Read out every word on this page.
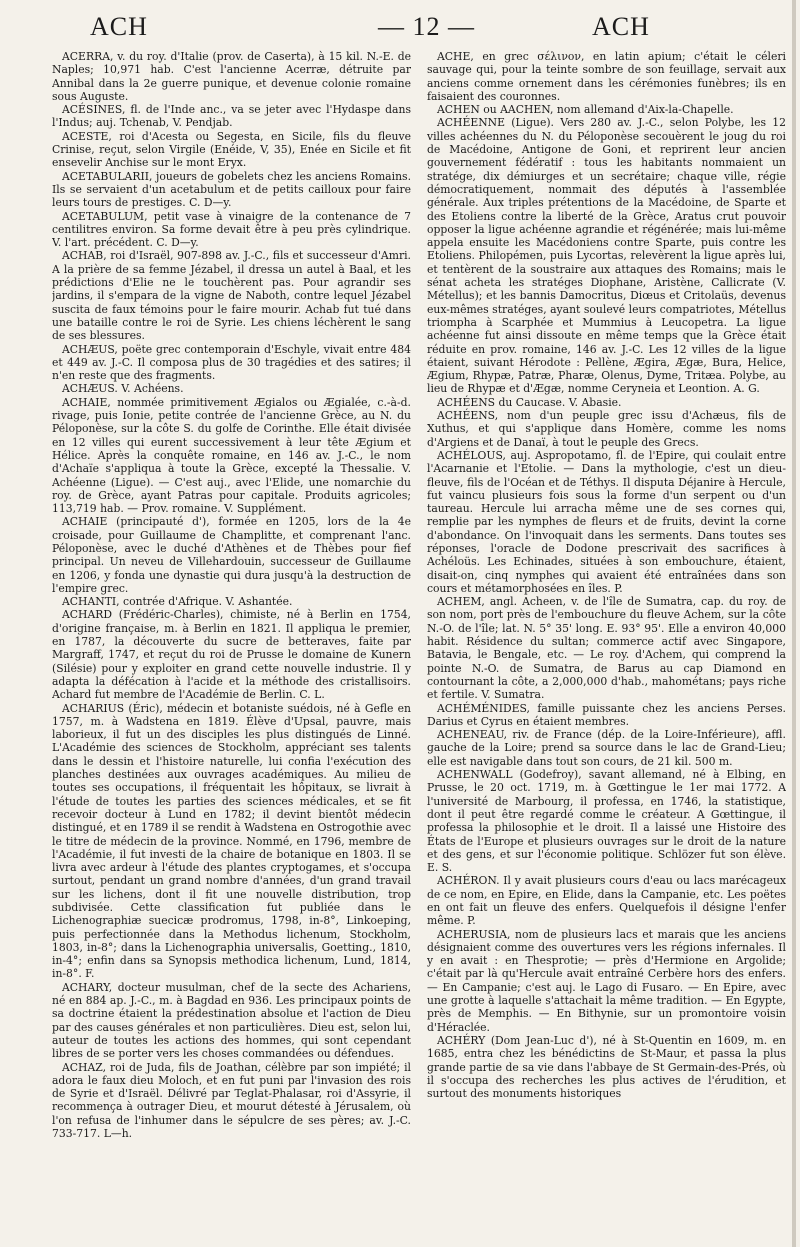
ACH	— 12 —	ACH

ACERRA, v. du roy. d'Italie (prov. de Caserta), à 15 kil. N.-E. de Naples; 10,971 hab. C'est l'ancienne Acerræ, détruite par Annibal dans la 2e guerre punique, et devenue colonie romaine sous Auguste.

ACÉSINES, fl. de l'Inde anc., va se jeter avec l'Hydaspe dans l'Indus; auj. Tchenab, V. Pendjab.

ACESTE, roi d'Acesta ou Segesta, en Sicile, fils du fleuve Crinise, reçut, selon Virgile (Enéide, V, 35), Enée en Sicile et fit ensevelir Anchise sur le mont Eryx.

ACETABULARII, joueurs de gobelets chez les anciens Romains. Ils se servaient d'un acetabulum et de petits cailloux pour faire leurs tours de prestiges. C. D—y.

ACETABULUM, petit vase à vinaigre de la contenance de 7 centilitres environ. Sa forme devait être à peu près cylindrique. V. l'art. précédent. C. D—y.

ACHAB, roi d'Israël, 907-898 av. J.-C., fils et successeur d'Amri. A la prière de sa femme Jézabel, il dressa un autel à Baal, et les prédictions d'Elie ne le touchèrent pas. Pour agrandir ses jardins, il s'empara de la vigne de Naboth, contre lequel Jézabel suscita de faux témoins pour le faire mourir. Achab fut tué dans une bataille contre le roi de Syrie. Les chiens léchèrent le sang de ses blessures.

ACHÆUS, poëte grec contemporain d'Eschyle, vivait entre 484 et 449 av. J.-C. Il composa plus de 30 tragédies et des satires; il n'en reste que des fragments.

ACHÆUS. V. Achéens.

ACHAIE, nommée primitivement Ægialos ou Ægialée, c.-à-d. rivage, puis Ionie, petite contrée de l'ancienne Grèce, au N. du Péloponèse, sur la côte S. du golfe de Corinthe. Elle était divisée en 12 villes qui eurent successivement à leur tête Ægium et Hélice. Après la conquête romaine, en 146 av. J.-C., le nom d'Achaïe s'appliqua à toute la Grèce, excepté la Thessalie. V. Achéenne (Ligue). — C'est auj., avec l'Elide, une nomarchie du roy. de Grèce, ayant Patras pour capitale. Produits agricoles; 113,719 hab. — Prov. romaine. V. Supplément.

ACHAIE (principauté d'), formée en 1205, lors de la 4e croisade, pour Guillaume de Champlitte, et comprenant l'anc. Péloponèse, avec le duché d'Athènes et de Thèbes pour fief principal. Un neveu de Villehardouin, successeur de Guillaume en 1206, y fonda une dynastie qui dura jusqu'à la destruction de l'empire grec.

ACHANTI, contrée d'Afrique. V. Ashantée.

ACHARD (Frédéric-Charles), chimiste, né à Berlin en 1754, d'origine française, m. à Berlin en 1821. Il appliqua le premier, en 1787, la découverte du sucre de betteraves, faite par Margraff, 1747, et reçut du roi de Prusse le domaine de Kunern (Silésie) pour y exploiter en grand cette nouvelle industrie. Il y adapta la défécation à l'acide et la méthode des cristallisoirs. Achard fut membre de l'Académie de Berlin. C. L.

ACHARIUS (Éric), médecin et botaniste suédois, né à Gefle en 1757, m. à Wadstena en 1819. Élève d'Upsal, pauvre, mais laborieux, il fut un des disciples les plus distingués de Linné. L'Académie des sciences de Stockholm, appréciant ses talents dans le dessin et l'histoire naturelle, lui confia l'exécution des planches destinées aux ouvrages académiques. Au milieu de toutes ses occupations, il fréquentait les hôpitaux, se livrait à l'étude de toutes les parties des sciences médicales, et se fit recevoir docteur à Lund en 1782; il devint bientôt médecin distingué, et en 1789 il se rendit à Wadstena en Ostrogothie avec le titre de médecin de la province. Nommé, en 1796, membre de l'Académie, il fut investi de la chaire de botanique en 1803. Il se livra avec ardeur à l'étude des plantes cryptogames, et s'occupa surtout, pendant un grand nombre d'années, d'un grand travail sur les lichens, dont il fit une nouvelle distribution, trop subdivisée. Cette classification fut publiée dans le Lichenographiæ suecicæ prodromus, 1798, in-8°, Linkoeping, puis perfectionnée dans la Methodus lichenum, Stockholm, 1803, in-8°; dans la Lichenographia universalis, Goetting., 1810, in-4°; enfin dans sa Synopsis methodica lichenum, Lund, 1814, in-8°. F.

ACHARY, docteur musulman, chef de la secte des Achariens, né en 884 ap. J.-C., m. à Bagdad en 936. Les principaux points de sa doctrine étaient la prédestination absolue et l'action de Dieu par des causes générales et non particulières. Dieu est, selon lui, auteur de toutes les actions des hommes, qui sont cependant libres de se porter vers les choses commandées ou défendues.

ACHAZ, roi de Juda, fils de Joathan, célèbre par son impiété; il adora le faux dieu Moloch, et en fut puni par l'invasion des rois de Syrie et d'Israël. Délivré par Teglat-Phalasar, roi d'Assyrie, il recommença à outrager Dieu, et mourut détesté à Jérusalem, où l'on refusa de l'inhumer dans le sépulcre de ses pères; av. J.-C. 733-717. L—h.

ACHE, en grec σέλινον, en latin apium; c'était le céleri sauvage qui, pour la teinte sombre de son feuillage, servait aux anciens comme ornement dans les cérémonies funèbres; ils en faisaient des couronnes.

ACHEN ou AACHEN, nom allemand d'Aix-la-Chapelle.

ACHÉENNE (Ligue). Vers 280 av. J.-C., selon Polybe, les 12 villes achéennes du N. du Péloponèse secouèrent le joug du roi de Macédoine, Antigone de Goni, et reprirent leur ancien gouvernement fédératif : tous les habitants nommaient un stratége, dix démiurges et un secrétaire; chaque ville, régie démocratiquement, nommait des députés à l'assemblée générale. Aux triples prétentions de la Macédoine, de Sparte et des Etoliens contre la liberté de la Grèce, Aratus crut pouvoir opposer la ligue achéenne agrandie et régénérée; mais lui-même appela ensuite les Macédoniens contre Sparte, puis contre les Etoliens. Philopémen, puis Lycortas, relevèrent la ligue après lui, et tentèrent de la soustraire aux attaques des Romains; mais le sénat acheta les stratéges Diophane, Aristène, Callicrate (V. Métellus); et les bannis Damocritus, Diœus et Critolaüs, devenus eux-mêmes stratéges, ayant soulevé leurs compatriotes, Métellus triompha à Scarphée et Mummius à Leucopetra. La ligue achéenne fut ainsi dissoute en même temps que la Grèce était réduite en prov. romaine, 146 av. J.-C. Les 12 villes de la ligue étaient, suivant Hérodote : Pellène, Ægira, Ægæ, Bura, Helice, Ægium, Rhypæ, Patræ, Pharæ, Olenus, Dyme, Tritæa. Polybe, au lieu de Rhypæ et d'Ægæ, nomme Ceryneia et Leontion. A. G.

ACHÉENS du Caucase. V. Abasie.

ACHÉENS, nom d'un peuple grec issu d'Achæus, fils de Xuthus, et qui s'applique dans Homère, comme les noms d'Argiens et de Danaï, à tout le peuple des Grecs.

ACHÉLOUS, auj. Aspropotamo, fl. de l'Epire, qui coulait entre l'Acarnanie et l'Etolie. — Dans la mythologie, c'est un dieu-fleuve, fils de l'Océan et de Téthys. Il disputa Déjanire à Hercule, fut vaincu plusieurs fois sous la forme d'un serpent ou d'un taureau. Hercule lui arracha même une de ses cornes qui, remplie par les nymphes de fleurs et de fruits, devint la corne d'abondance. On l'invoquait dans les serments. Dans toutes ses réponses, l'oracle de Dodone prescrivait des sacrifices à Achéloüs. Les Echinades, situées à son embouchure, étaient, disait-on, cinq nymphes qui avaient été entraînées dans son cours et métamorphosées en îles. P.

ACHEM, angl. Acheen, v. de l'île de Sumatra, cap. du roy. de son nom, port près de l'embouchure du fleuve Achem, sur la côte N.-O. de l'île; lat. N. 5° 35' long. E. 93° 95'. Elle a environ 40,000 habit. Résidence du sultan; commerce actif avec Singapore, Batavia, le Bengale, etc. — Le roy. d'Achem, qui comprend la pointe N.-O. de Sumatra, de Barus au cap Diamond en contournant la côte, a 2,000,000 d'hab., mahométans; pays riche et fertile. V. Sumatra.

ACHÉMÉNIDES, famille puissante chez les anciens Perses. Darius et Cyrus en étaient membres.

ACHENEAU, riv. de France (dép. de la Loire-Inférieure), affl. gauche de la Loire; prend sa source dans le lac de Grand-Lieu; elle est navigable dans tout son cours, de 21 kil. 500 m.

ACHENWALL (Godefroy), savant allemand, né à Elbing, en Prusse, le 20 oct. 1719, m. à Gœttingue le 1er mai 1772. A l'université de Marbourg, il professa, en 1746, la statistique, dont il peut être regardé comme le créateur. A Gœttingue, il professa la philosophie et le droit. Il a laissé une Histoire des États de l'Europe et plusieurs ouvrages sur le droit de la nature et des gens, et sur l'économie politique. Schlözer fut son élève. E. S.

ACHÉRON. Il y avait plusieurs cours d'eau ou lacs marécageux de ce nom, en Epire, en Elide, dans la Campanie, etc. Les poëtes en ont fait un fleuve des enfers. Quelquefois il désigne l'enfer même. P.

ACHERUSIA, nom de plusieurs lacs et marais que les anciens désignaient comme des ouvertures vers les régions infernales. Il y en avait : en Thesprotie; — près d'Hermione en Argolide; c'était par là qu'Hercule avait entraîné Cerbère hors des enfers. — En Campanie; c'est auj. le Lago di Fusaro. — En Epire, avec une grotte à laquelle s'attachait la même tradition. — En Egypte, près de Memphis. — En Bithynie, sur un promontoire voisin d'Héraclée.

ACHÉRY (Dom Jean-Luc d'), né à St-Quentin en 1609, m. en 1685, entra chez les bénédictins de St-Maur, et passa la plus grande partie de sa vie dans l'abbaye de St Germain-des-Prés, où il s'occupa des recherches les plus actives de l'érudition, et surtout des monuments historiques
